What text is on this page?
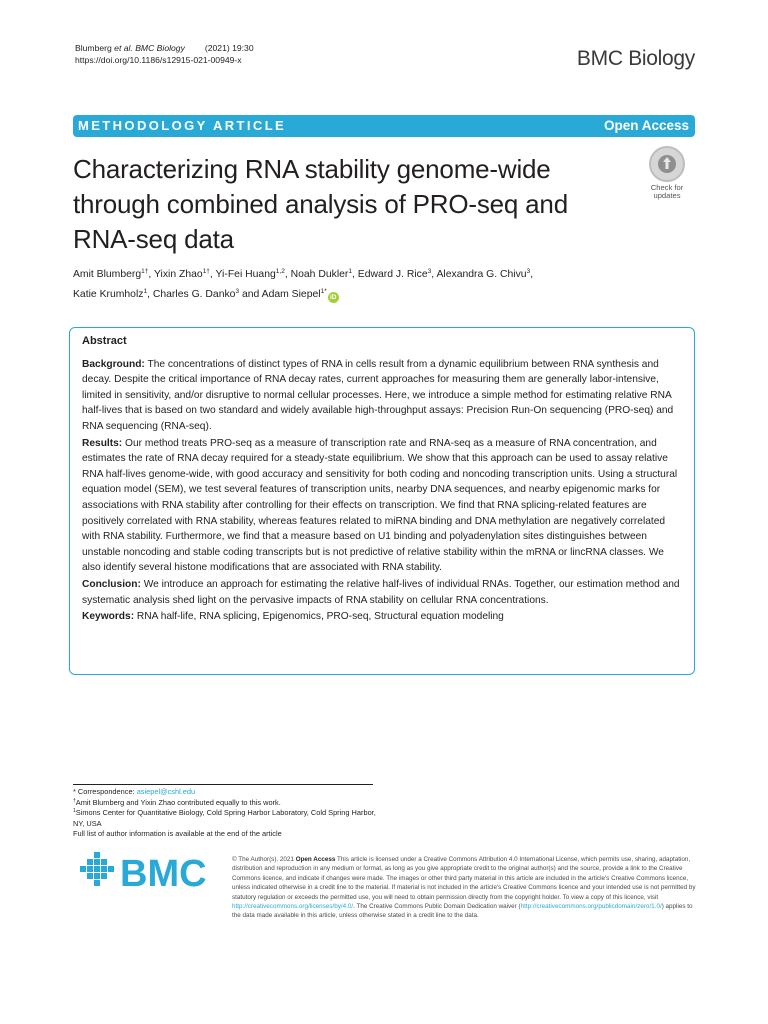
Blumberg et al. BMC Biology (2021) 19:30
https://doi.org/10.1186/s12915-021-00949-x	BMC Biology
METHODOLOGY ARTICLE	Open Access
Characterizing RNA stability genome-wide through combined analysis of PRO-seq and RNA-seq data
Check for
updates
Amit Blumberg$^{1\dagger}$, Yixin Zhao$^{1\dagger}$, Yi-Fei Huang$^{1,2}$, Noah Dukler$^1$, Edward J. Rice$^3$, Alexandra G. Chivu$^3$,
Katie Krumholz$^1$, Charles G. Danko$^3$ and Adam Siepel$^{1*}$iD
Abstract

Background: The concentrations of distinct types of RNA in cells result from a dynamic equilibrium between RNA synthesis and decay. Despite the critical importance of RNA decay rates, current approaches for measuring them are generally labor-intensive, limited in sensitivity, and/or disruptive to normal cellular processes. Here, we introduce a simple method for estimating relative RNA half-lives that is based on two standard and widely available high-throughput assays: Precision Run-On sequencing (PRO-seq) and RNA sequencing (RNA-seq).

Results: Our method treats PRO-seq as a measure of transcription rate and RNA-seq as a measure of RNA concentration, and estimates the rate of RNA decay required for a steady-state equilibrium. We show that this approach can be used to assay relative RNA half-lives genome-wide, with good accuracy and sensitivity for both coding and noncoding transcription units. Using a structural equation model (SEM), we test several features of transcription units, nearby DNA sequences, and nearby epigenomic marks for associations with RNA stability after controlling for their effects on transcription. We find that RNA splicing-related features are positively correlated with RNA stability, whereas features related to miRNA binding and DNA methylation are negatively correlated with RNA stability. Furthermore, we find that a measure based on U1 binding and polyadenylation sites distinguishes between unstable noncoding and stable coding transcripts but is not predictive of relative stability within the mRNA or lincRNA classes. We also identify several histone modifications that are associated with RNA stability.

Conclusion: We introduce an approach for estimating the relative half-lives of individual RNAs. Together, our estimation method and systematic analysis shed light on the pervasive impacts of RNA stability on cellular RNA concentrations.

Keywords: RNA half-life, RNA splicing, Epigenomics, PRO-seq, Structural equation modeling

* Correspondence: asiepel@cshl.edu
†Amit Blumberg and Yixin Zhao contributed equally to this work.
$^1$Simons Center for Quantitative Biology, Cold Spring Harbor Laboratory, Cold Spring Harbor, NY, USA
Full list of author information is available at the end of the article
BMC	© The Author(s). 2021 Open Access This article is licensed under a Creative Commons Attribution 4.0 International License, which permits use, sharing, adaptation, distribution and reproduction in any medium or format, as long as you give appropriate credit to the original author(s) and the source, provide a link to the Creative Commons licence, and indicate if changes were made. The images or other third party material in this article are included in the article's Creative Commons licence, unless indicated otherwise in a credit line to the material. If material is not included in the article's Creative Commons licence and your intended use is not permitted by statutory regulation or exceeds the permitted use, you will need to obtain permission directly from the copyright holder. To view a copy of this licence, visit http://creativecommons.org/licenses/by/4.0/. The Creative Commons Public Domain Dedication waiver (http://creativecommons.org/publicdomain/zero/1.0/) applies to the data made available in this article, unless otherwise stated in a credit line to the data.
